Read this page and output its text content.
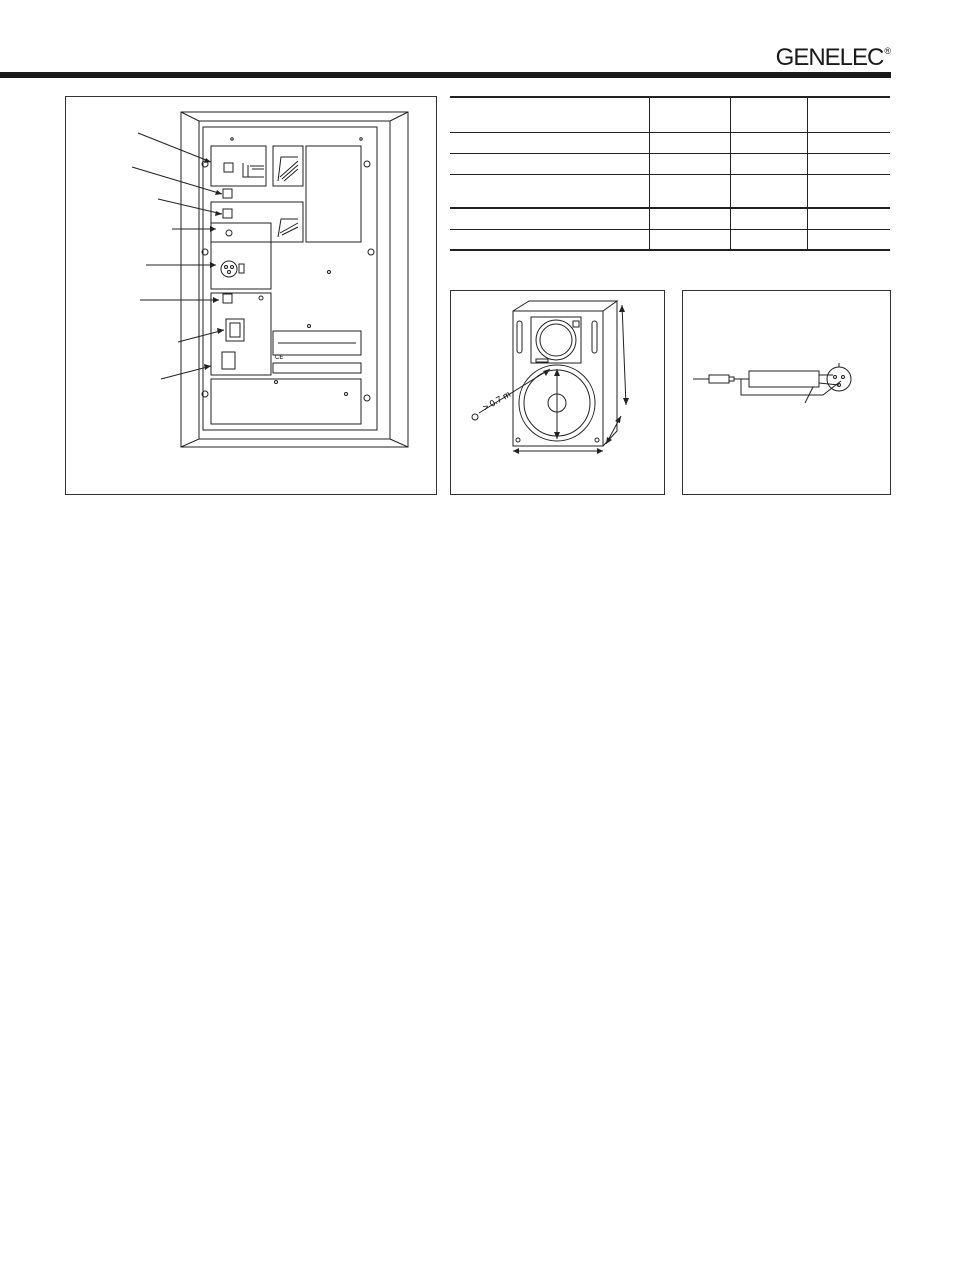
GENELEC®
CE

> 0.7 m
